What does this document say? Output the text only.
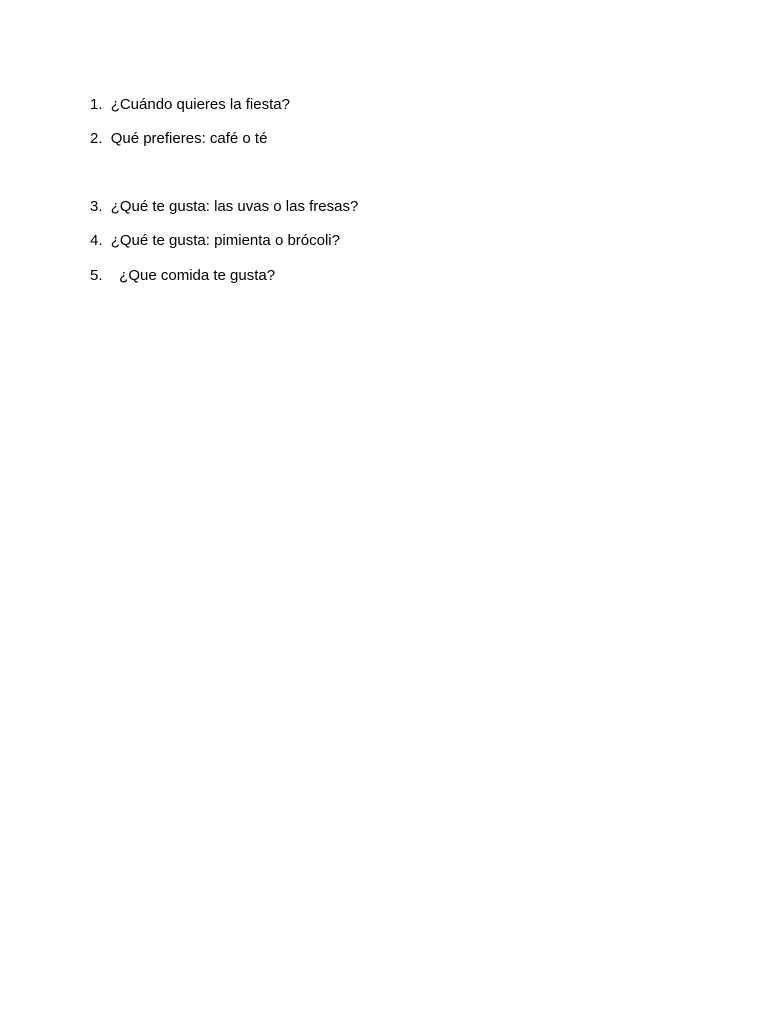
1. ¿Cuándo quieres la fiesta?
2. Qué prefieres: café o té
3. ¿Qué te gusta: las uvas o las fresas?
4. ¿Qué te gusta: pimienta o brócoli?
5. ¿Que comida te gusta?
